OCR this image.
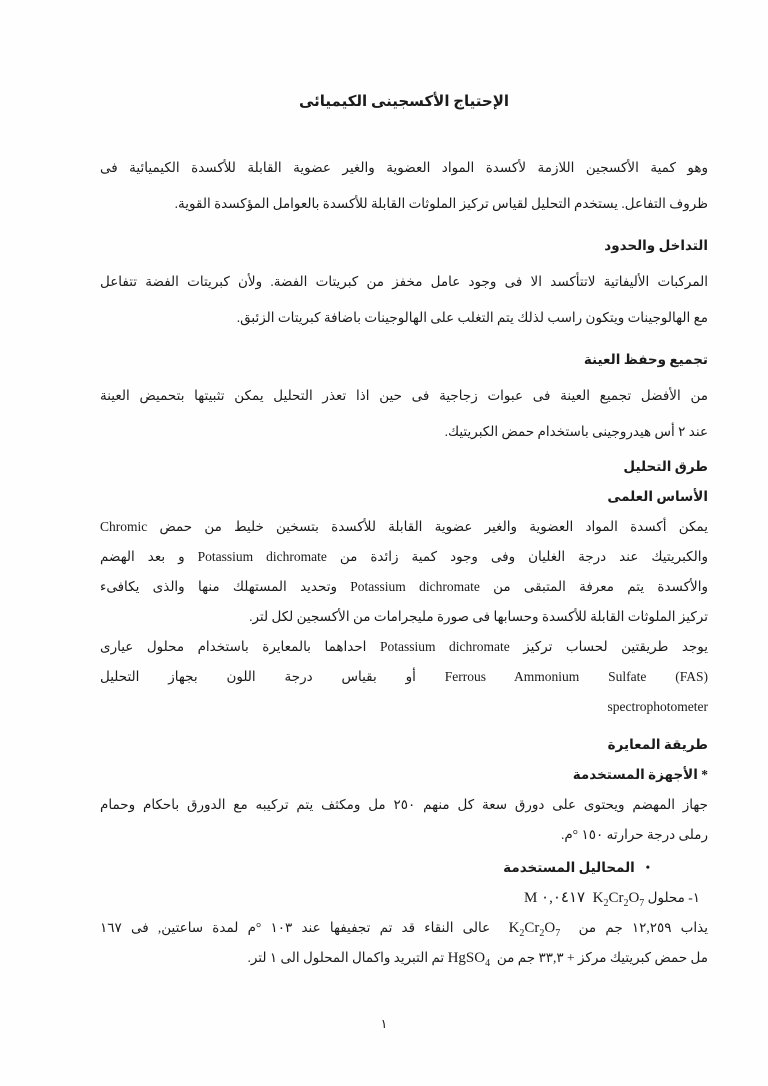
الإحتياج الأكسجينى الكيميائى
وهو كمية الأكسجين اللازمة لأكسدة المواد العضوية والغير عضوية القابلة للأكسدة الكيميائية فى
ظروف التفاعل. يستخدم التحليل لقياس تركيز الملوثات القابلة للأكسدة بالعوامل المؤكسدة القوية.
التداخل والحدود
المركبات الأليفاتية لاتتأكسد الا فى وجود عامل مخفز من كبريتات الفضة. ولأن كبريتات الفضة تتفاعل
مع الهالوجينات ويتكون راسب لذلك يتم التغلب على الهالوجينات باضافة كبريتات الزئبق.
تجميع وحفظ العينة
من الأفضل تجميع العينة فى عبوات زجاجية فى حين اذا تعذر التحليل يمكن تثبيتها بتحميض العينة
عند ٢ أس هيدروجينى باستخدام حمض الكبريتيك.
طرق التحليل
الأساس العلمى
يمكن أكسدة المواد العضوية والغير عضوية القابلة للأكسدة بتسخين خليط من حمض Chromic
والكبريتيك عند درجة الغليان وفى وجود كمية زائدة من Potassium dichromate و بعد الهضم
والأكسدة يتم معرفة المتبقى من Potassium dichromate وتحديد المستهلك منها والذى يكافىء
تركيز الملوثات القابلة للأكسدة وحسابها فى صورة مليجرامات من الأكسجين لكل لتر.
يوجد طريقتين لحساب تركيز Potassium dichromate احداهما بالمعايرة باستخدام محلول عيارى
Ferrous Ammonium Sulfate (FAS) أو بقياس درجة اللون بجهاز التحليل
spectrophotometer
طريقة المعايرة
* الأجهزة المستخدمة
جهاز المهضم ويحتوى على دورق سعة كل منهم ٢٥٠ مل ومكثف يتم تركيبه مع الدورق باحكام وحمام
رملى درجة حرارته ١٥٠ °م.
•المحاليل المستخدمة
١- محلول M ٠,٠٤١٧  $K_2Cr_2O_7$
يذاب ١٢,٢٥٩ جم من  $K_2Cr_2O_7$  عالى النقاء قد تم تجفيفها عند ١٠٣ °م لمدة ساعتين, فى ١٦٧
مل حمض كبريتيك مركز + ٣٣,٣ جم من  HgSO$_4$ تم التبريد واكمال المحلول الى ١ لتر.
١
